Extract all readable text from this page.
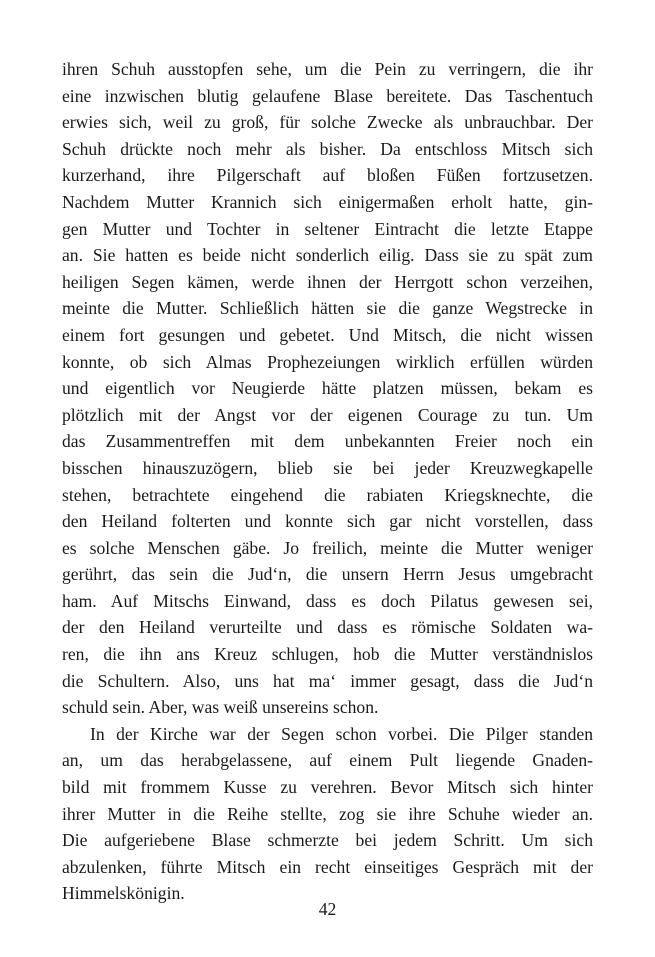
ihren Schuh ausstopfen sehe, um die Pein zu verringern, die ihr
eine inzwischen blutig gelaufene Blase bereitete. Das Taschentuch
erwies sich, weil zu groß, für solche Zwecke als unbrauchbar. Der
Schuh drückte noch mehr als bisher. Da entschloss Mitsch sich
kurzerhand, ihre Pilgerschaft auf bloßen Füßen fortzusetzen.
Nachdem Mutter Krannich sich einigermaßen erholt hatte, gin-
gen Mutter und Tochter in seltener Eintracht die letzte Etappe
an. Sie hatten es beide nicht sonderlich eilig. Dass sie zu spät zum
heiligen Segen kämen, werde ihnen der Herrgott schon verzeihen,
meinte die Mutter. Schließlich hätten sie die ganze Wegstrecke in
einem fort gesungen und gebetet. Und Mitsch, die nicht wissen
konnte, ob sich Almas Prophezeiungen wirklich erfüllen würden
und eigentlich vor Neugierde hätte platzen müssen, bekam es
plötzlich mit der Angst vor der eigenen Courage zu tun. Um
das Zusammentreffen mit dem unbekannten Freier noch ein
bisschen hinauszuzögern, blieb sie bei jeder Kreuzwegkapelle
stehen, betrachtete eingehend die rabiaten Kriegsknechte, die
den Heiland folterten und konnte sich gar nicht vorstellen, dass
es solche Menschen gäbe. Jo freilich, meinte die Mutter weniger
gerührt, das sein die Jud‘n, die unsern Herrn Jesus umgebracht
ham. Auf Mitschs Einwand, dass es doch Pilatus gewesen sei,
der den Heiland verurteilte und dass es römische Soldaten wa-
ren, die ihn ans Kreuz schlugen, hob die Mutter verständnislos
die Schultern. Also, uns hat ma‘ immer gesagt, dass die Jud‘n
schuld sein. Aber, was weiß unsereins schon.
In der Kirche war der Segen schon vorbei. Die Pilger standen
an, um das herabgelassene, auf einem Pult liegende Gnaden-
bild mit frommem Kusse zu verehren. Bevor Mitsch sich hinter
ihrer Mutter in die Reihe stellte, zog sie ihre Schuhe wieder an.
Die aufgeriebene Blase schmerzte bei jedem Schritt. Um sich
abzulenken, führte Mitsch ein recht einseitiges Gespräch mit der
Himmelskönigin.
42
